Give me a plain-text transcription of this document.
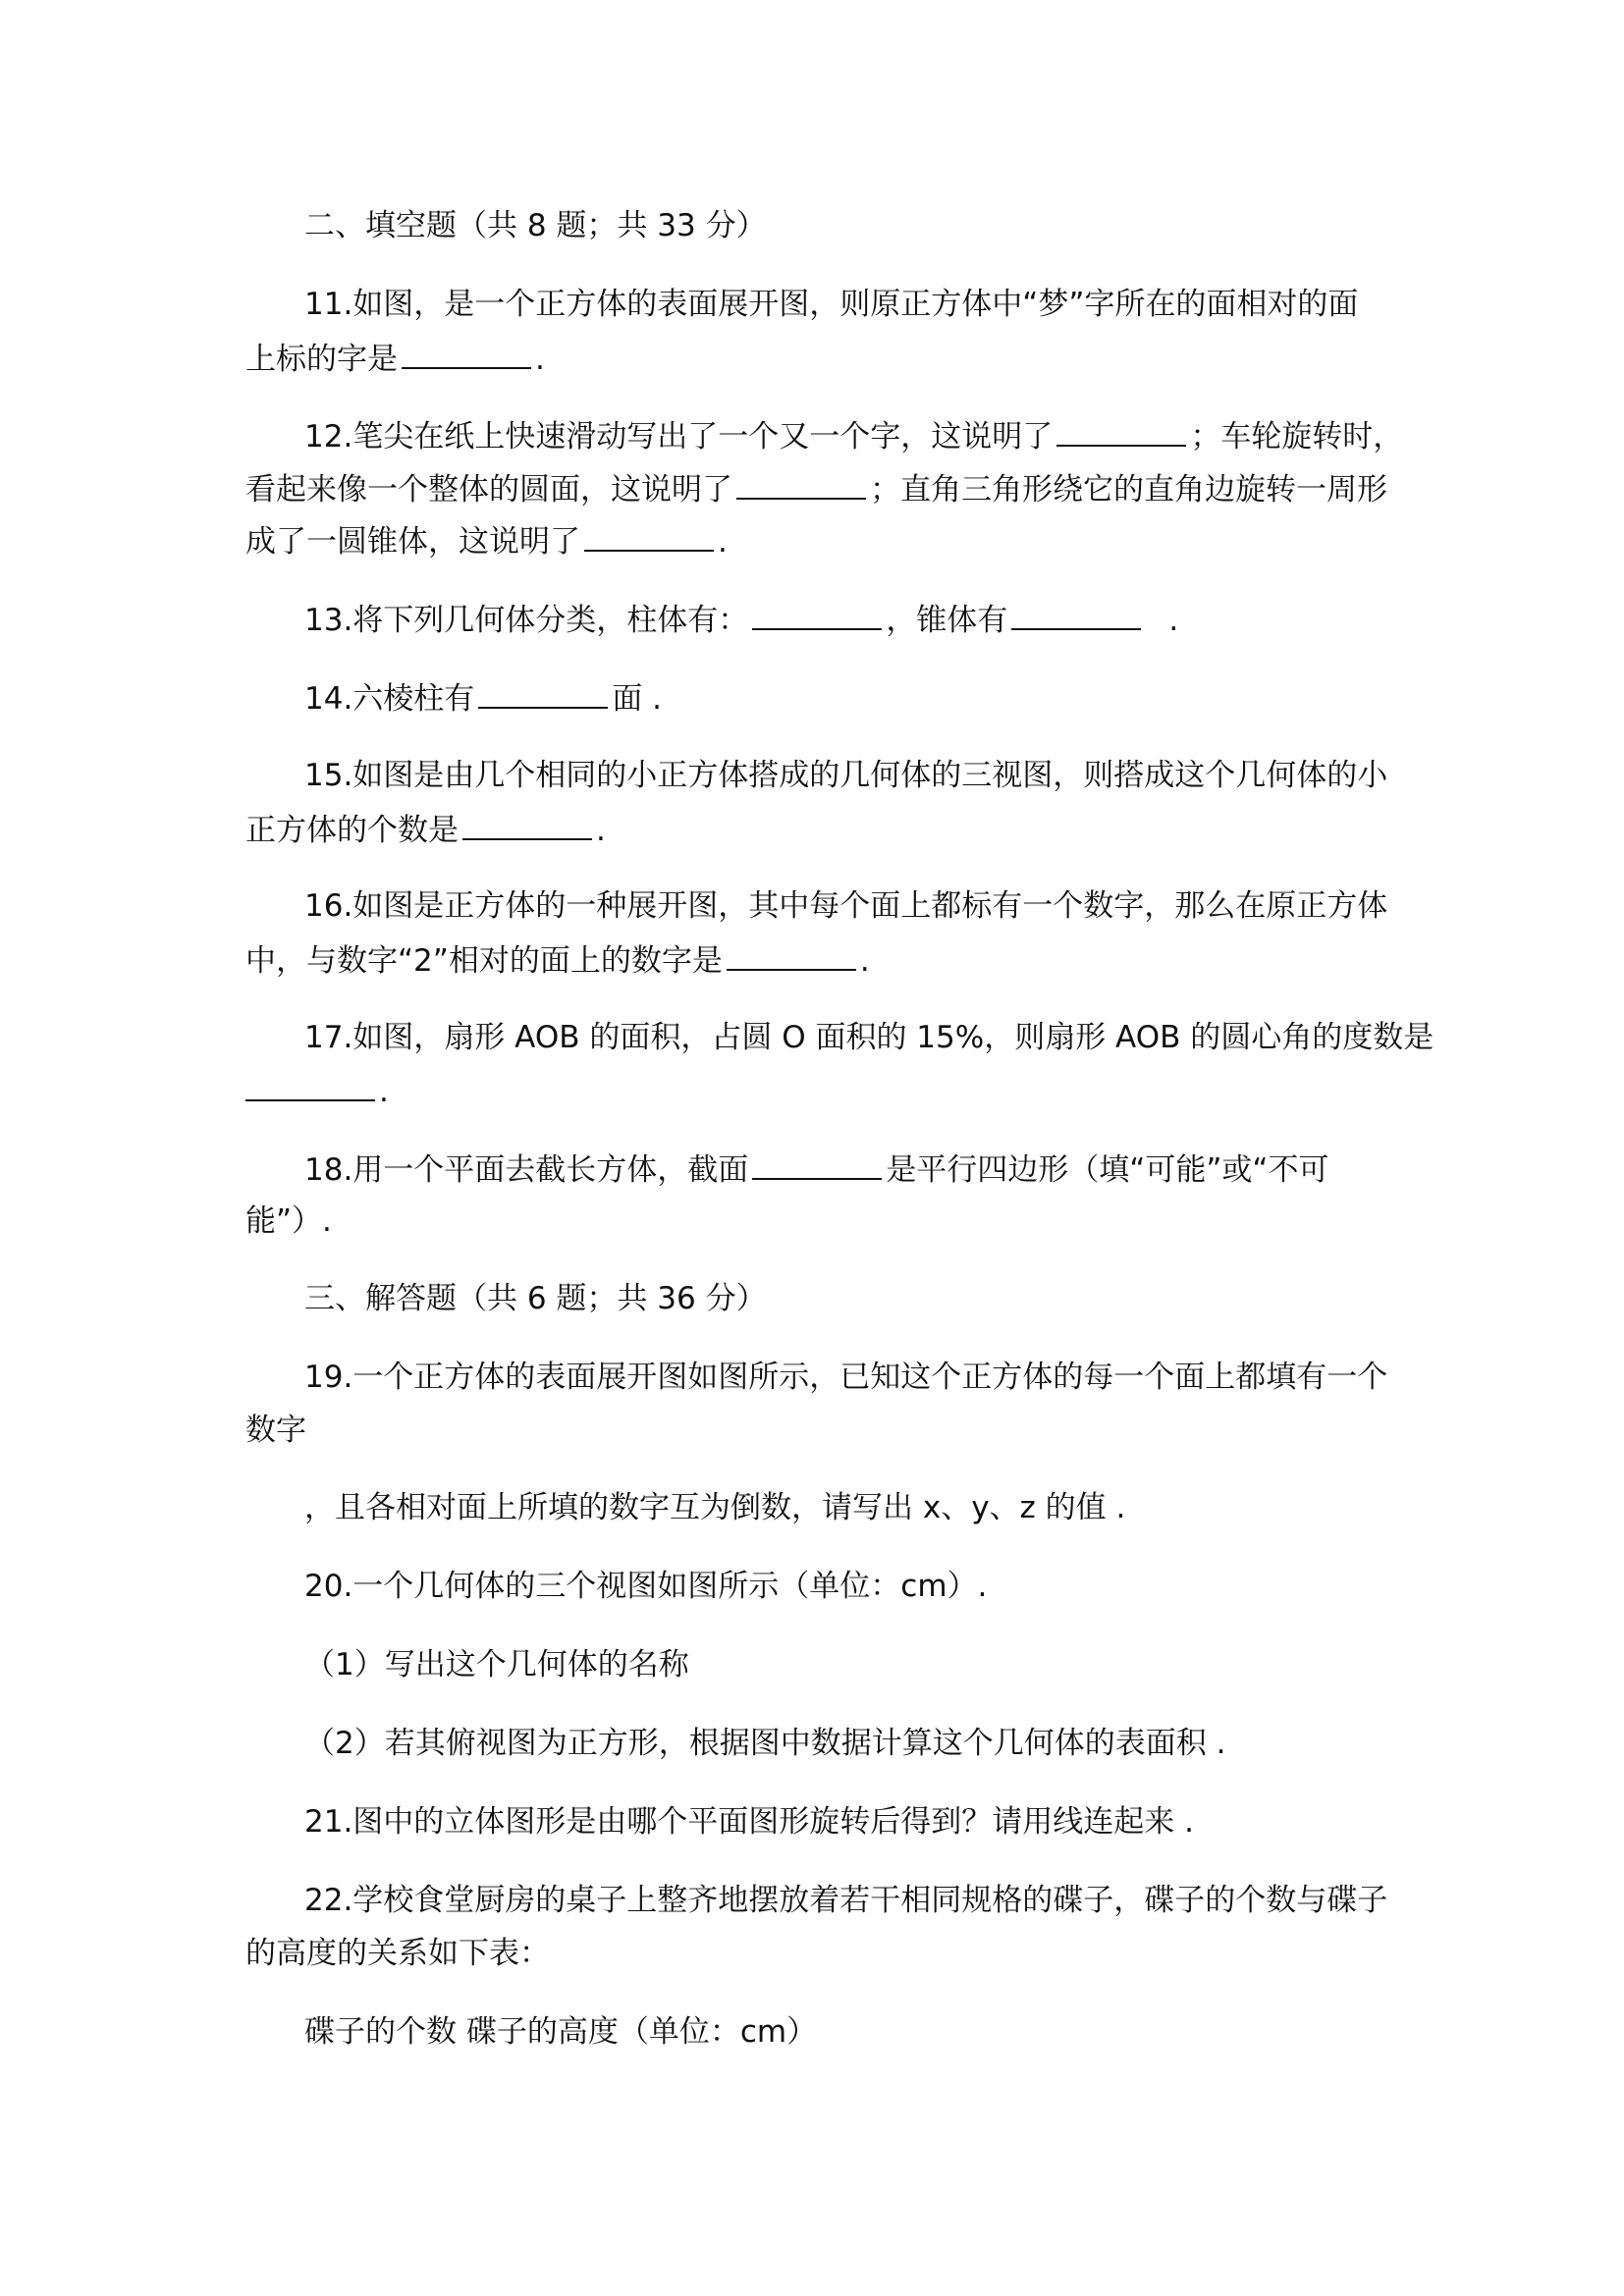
二、填空题（共 8 题；共 33 分）
11.如图，是一个正方体的表面展开图，则原正方体中“梦”字所在的面相对的面
上标的字是	.
12.笔尖在纸上快速滑动写出了一个又一个字，这说明了	；车轮旋转时，
看起来像一个整体的圆面，这说明了	；直角三角形绕它的直角边旋转一周形
成了一圆锥体，这说明了	.
13.将下列几何体分类，柱体有：	，锥体有	.
14.六棱柱有	面 .
15.如图是由几个相同的小正方体搭成的几何体的三视图，则搭成这个几何体的小
正方体的个数是	.
16.如图是正方体的一种展开图，其中每个面上都标有一个数字，那么在原正方体
中，与数字“2”相对的面上的数字是	.
17.如图，扇形 AOB 的面积，占圆 O 面积的 15%，则扇形 AOB 的圆心角的度数是
.
18.用一个平面去截长方体，截面	是平行四边形（填“可能”或“不可
能”）.
三、解答题（共 6 题；共 36 分）
19.一个正方体的表面展开图如图所示，已知这个正方体的每一个面上都填有一个
数字
，且各相对面上所填的数字互为倒数，请写出 x、y、z 的值 .
20.一个几何体的三个视图如图所示（单位：cm）.
（1）写出这个几何体的名称
（2）若其俯视图为正方形，根据图中数据计算这个几何体的表面积 .
21.图中的立体图形是由哪个平面图形旋转后得到？请用线连起来 .
22.学校食堂厨房的桌子上整齐地摆放着若干相同规格的碟子，碟子的个数与碟子
的高度的关系如下表：
碟子的个数 碟子的高度（单位：cm）
